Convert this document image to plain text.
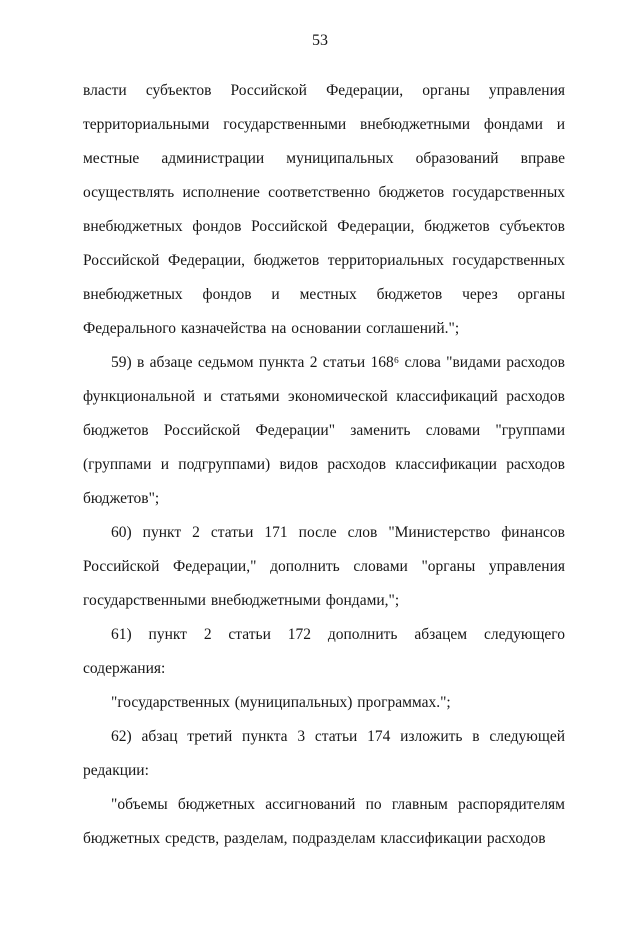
53

власти субъектов Российской Федерации, органы управления территориальными государственными внебюджетными фондами и местные администрации муниципальных образований вправе осуществлять исполнение соответственно бюджетов государственных внебюджетных фондов Российской Федерации, бюджетов субъектов Российской Федерации, бюджетов территориальных государственных внебюджетных фондов и местных бюджетов через органы Федерального казначейства на основании соглашений.";

59) в абзаце седьмом пункта 2 статьи 168⁶ слова "видами расходов функциональной и статьями экономической классификаций расходов бюджетов Российской Федерации" заменить словами "группами (группами и подгруппами) видов расходов классификации расходов бюджетов";

60) пункт 2 статьи 171 после слов "Министерство финансов Российской Федерации," дополнить словами "органы управления государственными внебюджетными фондами,";

61) пункт 2 статьи 172 дополнить абзацем следующего содержания:

"государственных (муниципальных) программах.";

62) абзац третий пункта 3 статьи 174 изложить в следующей редакции:

"объемы бюджетных ассигнований по главным распорядителям бюджетных средств, разделам, подразделам классификации расходов
